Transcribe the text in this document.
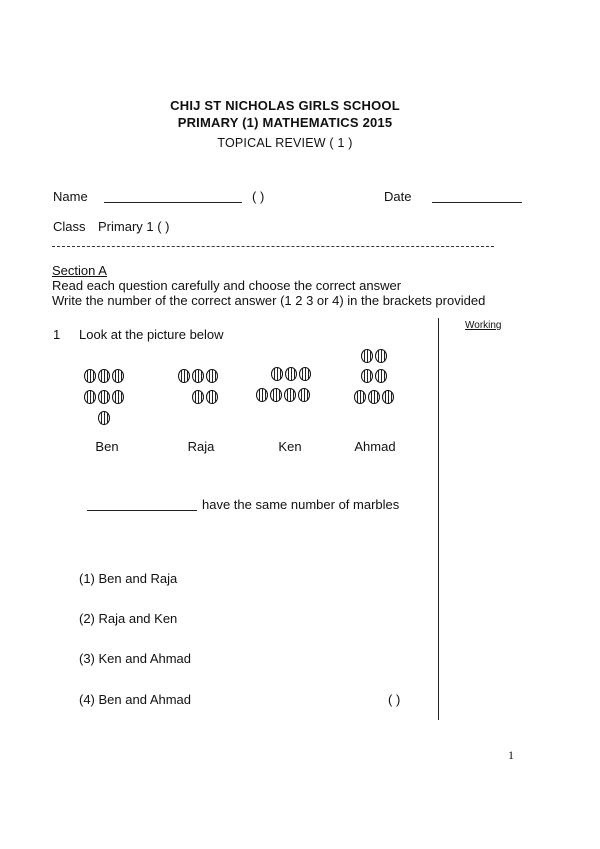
CHIJ ST NICHOLAS GIRLS SCHOOL
PRIMARY (1) MATHEMATICS 2015
TOPICAL REVIEW ( 1 )
Name	( )	Date
Class Primary 1 ( )
Section A
Read each question carefully and choose the correct answer
Write the number of the correct answer (1 2 3 or 4) in the brackets provided
Working
1 Look at the picture below
Ben	Raja	Ken	Ahmad
have the same number of marbles
(1) Ben and Raja
(2) Raja and Ken
(3) Ken and Ahmad
(4) Ben and Ahmad	( )
1
